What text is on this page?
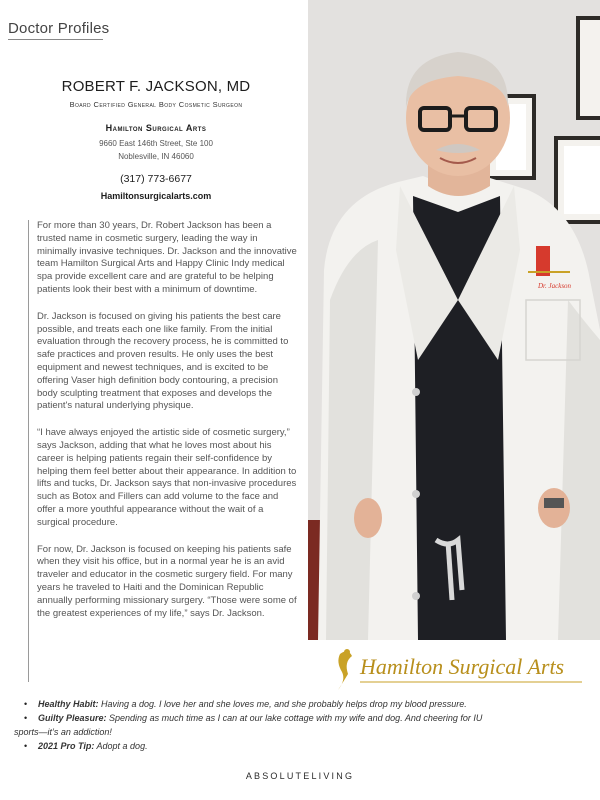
Doctor Profiles
ROBERT F. JACKSON, MD
Board Certified General Body Cosmetic Surgeon
Hamilton Surgical Arts
9660 East 146th Street, Ste 100
Noblesville, IN 46060
(317) 773-6677
Hamiltonsurgicalarts.com

For more than 30 years, Dr. Robert Jackson has been a trusted name in cosmetic surgery, leading the way in minimally invasive techniques. Dr. Jackson and the innovative team Hamilton Surgical Arts and Happy Clinic Indy medical spa provide excellent care and are grateful to be helping patients look their best with a minimum of downtime.

Dr. Jackson is focused on giving his patients the best care possible, and treats each one like family. From the initial evaluation through the recovery process, he is committed to safe practices and proven results. He only uses the best equipment and newest techniques, and is excited to be offering Vaser high definition body contouring, a precision body sculpting treatment that exposes and develops the patient's natural underlying physique.

“I have always enjoyed the artistic side of cosmetic surgery,” says Jackson, adding that what he loves most about his career is helping patients regain their self-confidence by helping them feel better about their appearance. In addition to lifts and tucks, Dr. Jackson says that non-invasive procedures such as Botox and Fillers can add volume to the face and offer a more youthful appearance without the wait of a surgical procedure.

For now, Dr. Jackson is focused on keeping his patients safe when they visit his office, but in a normal year he is an avid traveler and educator in the cosmetic surgery field. For many years he traveled to Haiti and the Dominican Republic annually performing missionary surgery. “Those were some of the greatest experiences of my life,” says Dr. Jackson.

Dr. Jackson
Hamilton Surgical Arts
• Healthy Habit: Having a dog. I love her and she loves me, and she probably helps drop my blood pressure.
• Guilty Pleasure: Spending as much time as I can at our lake cottage with my wife and dog. And cheering for IU
sports—it’s an addiction!
• 2021 Pro Tip: Adopt a dog.
ABSOLUTELIVING
